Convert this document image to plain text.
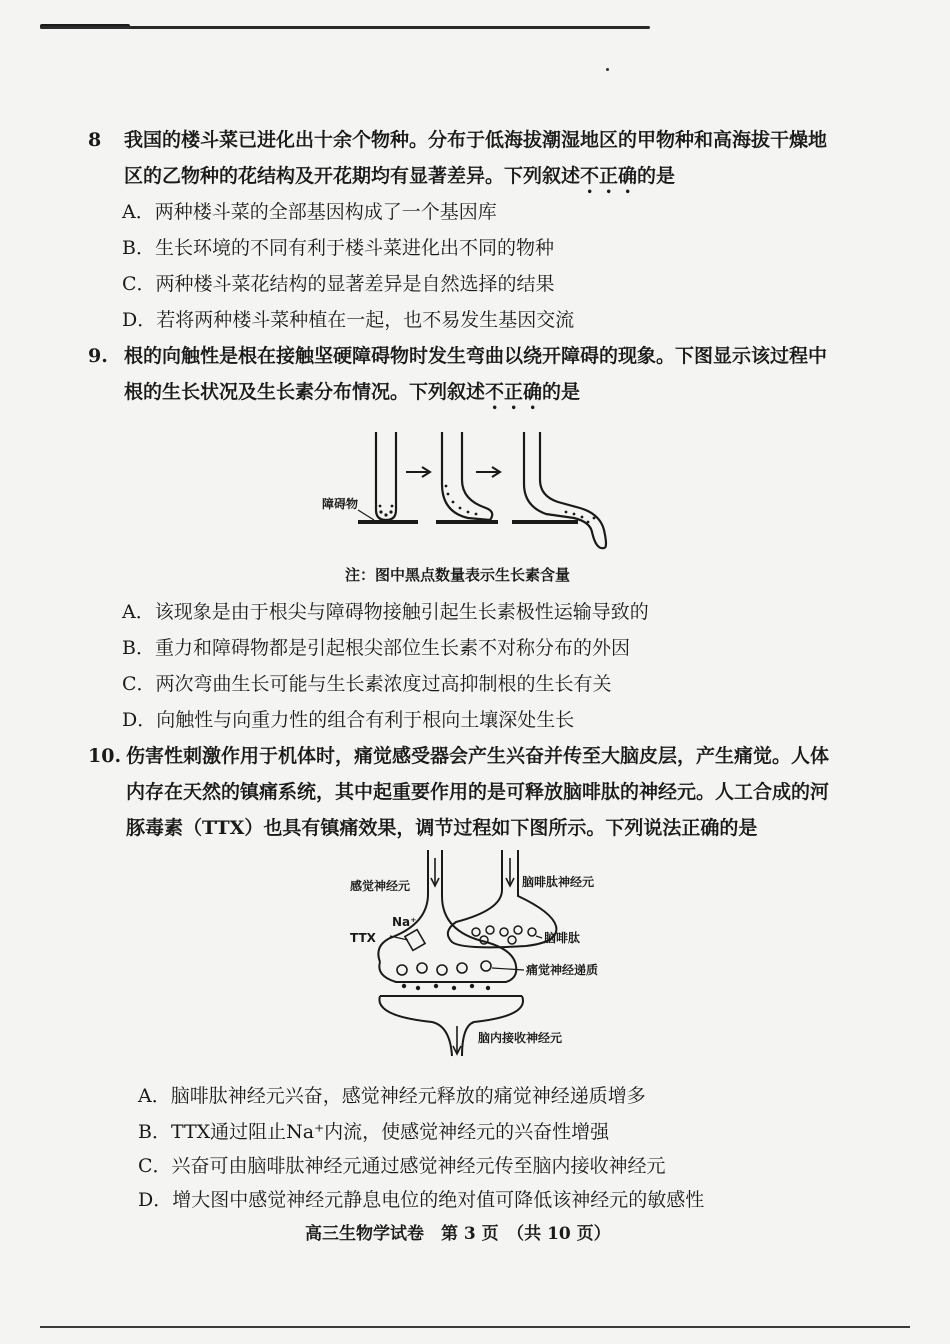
8 我国的楼斗菜已进化出十余个物种。分布于低海拔潮湿地区的甲物种和高海拔干燥地
区的乙物种的花结构及开花期均有显著差异。下列叙述不正确的是
A．两种楼斗菜的全部基因构成了一个基因库
B．生长环境的不同有利于楼斗菜进化出不同的物种
C．两种楼斗菜花结构的显著差异是自然选择的结果
D．若将两种楼斗菜种植在一起，也不易发生基因交流
9. 根的向触性是根在接触坚硬障碍物时发生弯曲以绕开障碍的现象。下图显示该过程中
根的生长状况及生长素分布情况。下列叙述不正确的是
障碍物
注：图中黑点数量表示生长素含量
A．该现象是由于根尖与障碍物接触引起生长素极性运输导致的
B．重力和障碍物都是引起根尖部位生长素不对称分布的外因
C．两次弯曲生长可能与生长素浓度过高抑制根的生长有关
D．向触性与向重力性的组合有利于根向土壤深处生长
10. 伤害性刺激作用于机体时，痛觉感受器会产生兴奋并传至大脑皮层，产生痛觉。人体
内存在天然的镇痛系统，其中起重要作用的是可释放脑啡肽的神经元。人工合成的河
豚毒素（TTX）也具有镇痛效果，调节过程如下图所示。下列说法正确的是
感觉神经元	脑啡肽神经元
Na⁺
TTX	脑啡肽
痛觉神经递质
脑内接收神经元
A．脑啡肽神经元兴奋，感觉神经元释放的痛觉神经递质增多
B．TTX通过阻止Na⁺内流，使感觉神经元的兴奋性增强
C．兴奋可由脑啡肽神经元通过感觉神经元传至脑内接收神经元
D．增大图中感觉神经元静息电位的绝对值可降低该神经元的敏感性
高三生物学试卷　第 3 页　（共 10 页）
